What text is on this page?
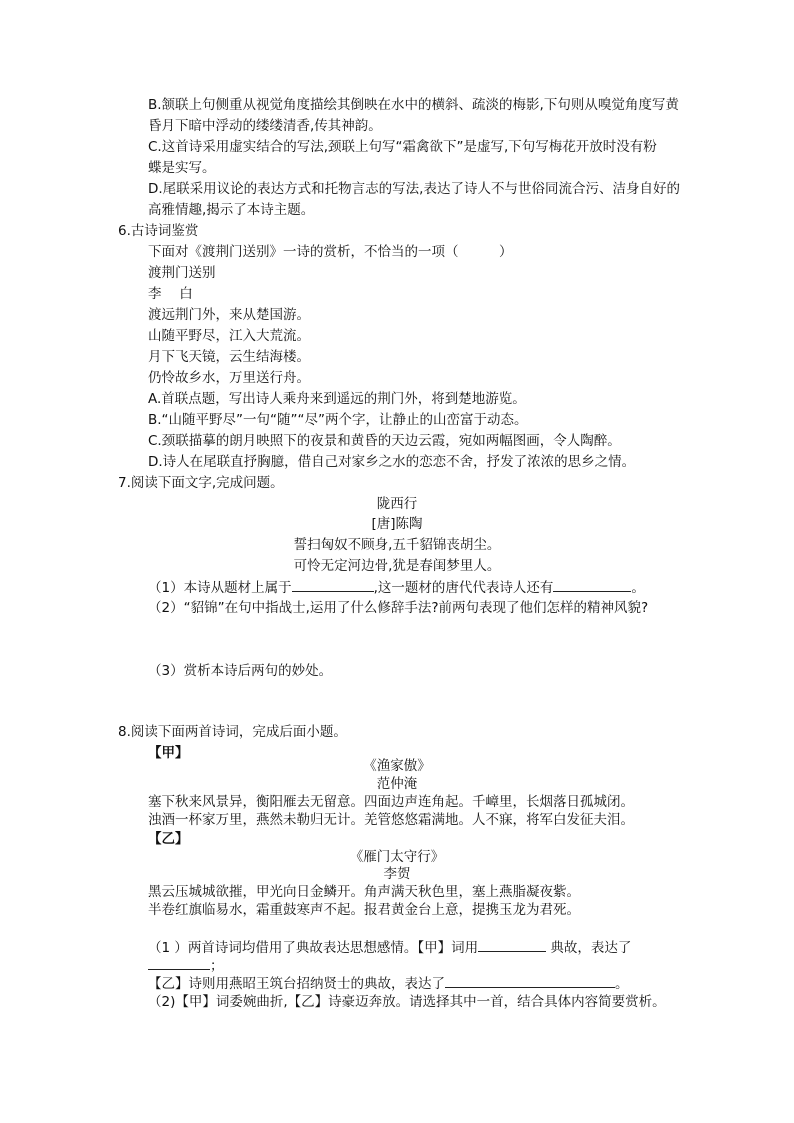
B.颔联上句侧重从视觉角度描绘其倒映在水中的横斜、疏淡的梅影,下句则从嗅觉角度写黄
昏月下暗中浮动的缕缕清香,传其神韵。
C.这首诗采用虚实结合的写法,颈联上句写“霜禽欲下”是虚写,下句写梅花开放时没有粉
蝶是实写。
D.尾联采用议论的表达方式和托物言志的写法,表达了诗人不与世俗同流合污、洁身自好的
高雅情趣,揭示了本诗主题。
6.古诗词鉴赏
下面对《渡荆门送别》一诗的赏析，不恰当的一项（　　　）
渡荆门送别
李　 白
渡远荆门外，来从楚国游。
山随平野尽，江入大荒流。
月下飞天镜，云生结海楼。
仍怜故乡水，万里送行舟。
A.首联点题，写出诗人乘舟来到遥远的荆门外，将到楚地游览。
B.“山随平野尽”一句“随”“尽”两个字，让静止的山峦富于动态。
C.颈联描摹的朗月映照下的夜景和黄昏的天边云霞，宛如两幅图画，令人陶醉。
D.诗人在尾联直抒胸臆，借自己对家乡之水的恋恋不舍，抒发了浓浓的思乡之情。
7.阅读下面文字,完成问题。
陇西行
[唐]陈陶
誓扫匈奴不顾身,五千貂锦丧胡尘。
可怜无定河边骨,犹是春闺梦里人。
（1）本诗从题材上属于	,这一题材的唐代代表诗人还有	。
（2）“貂锦”在句中指战士,运用了什么修辞手法?前两句表现了他们怎样的精神风貌?
（3）赏析本诗后两句的妙处。
8.阅读下面两首诗词，完成后面小题。
【甲】
《渔家傲》
范仲淹
塞下秋来风景异，衡阳雁去无留意。四面边声连角起。千嶂里，长烟落日孤城闭。
浊酒一杯家万里，燕然未勒归无计。羌管悠悠霜满地。人不寐，将军白发征夫泪。
【乙】
《雁门太守行》
李贺
黑云压城城欲摧，甲光向日金鳞开。角声满天秋色里，塞上燕脂凝夜紫。
半卷红旗临易水，霜重鼓寒声不起。报君黄金台上意，提携玉龙为君死。
（1 ）两首诗词均借用了典故表达思想感情。【甲】词用	典故，表达了
；
【乙】诗则用燕昭王筑台招纳贤士的典故，表达了	。
（2)【甲】词委婉曲折,【乙】诗豪迈奔放。请选择其中一首，结合具体内容简要赏析。
